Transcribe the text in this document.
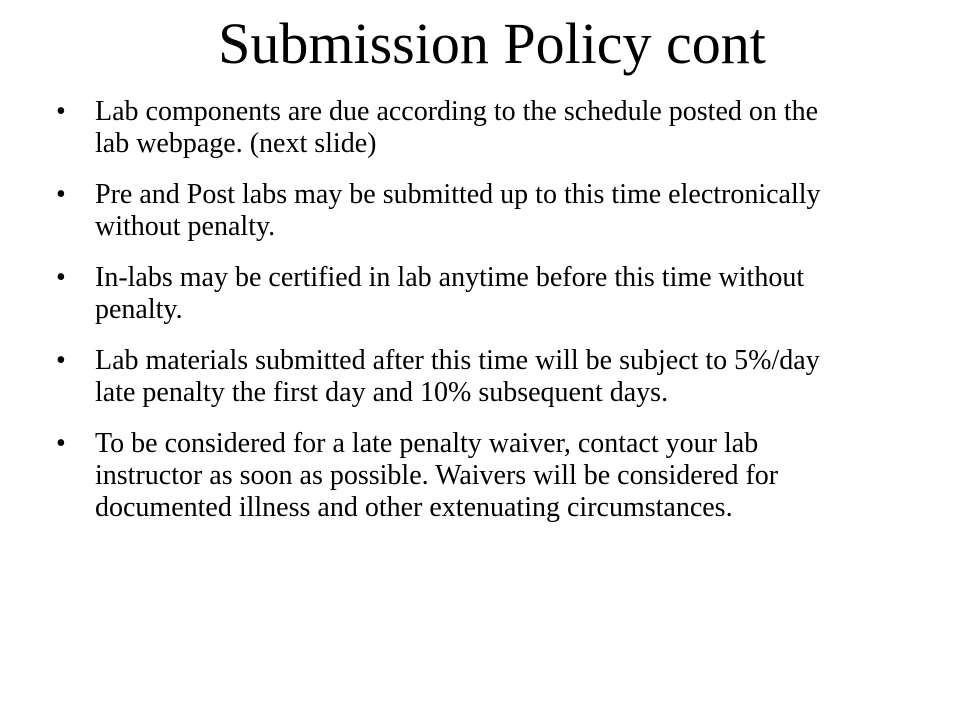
Submission Policy cont
• Lab components are due according to the schedule posted on the lab webpage. (next slide)
• Pre and Post labs may be submitted up to this time electronically without penalty.
• In-labs may be certified in lab anytime before this time without penalty.
• Lab materials submitted after this time will be subject to 5%/day late penalty the first day and 10% subsequent days.
• To be considered for a late penalty waiver, contact your lab instructor as soon as possible. Waivers will be considered for documented illness and other extenuating circumstances.
